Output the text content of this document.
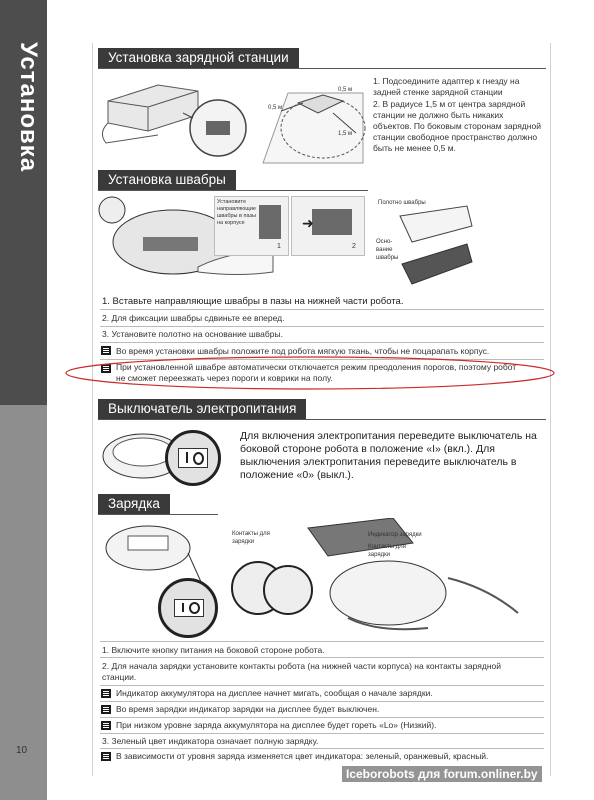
Установка
10
Установка зарядной станции
0,5 м
0,5 м
1,5 м
1. Подсоедините адаптер к гнезду на задней стенке зарядной станции
2. В радиусе 1,5 м от центра зарядной станции не должно быть никаких объектов. По боковым сторонам зарядной станции свободное пространство должно быть не менее 0,5 м.
Установка швабры
Установите направляющие швабры в пазы на корпусе
1
➜
2
Полотно швабры
Осно-вание швабры
1. Вставьте направляющие швабры в пазы на нижней части робота.
2. Для фиксации швабры сдвиньте ее вперед.
3. Установите полотно на основание швабры.
Во время установки швабры положите под робота мягкую ткань, чтобы не поцарапать корпус.
При установленной швабре автоматически отключается режим преодоления порогов, поэтому робот не сможет переезжать через пороги и коврики на полу.
Выключатель электропитания
Для включения электропитания переведите выключатель на боковой стороне робота в положение «I» (вкл.). Для выключения электропитания переведите выключатель в положение «0» (выкл.).
Зарядка
Контакты для зарядки
Индикатор зарядки
Контакты для зарядки
1. Включите кнопку питания на боковой стороне робота.
2. Для начала зарядки установите контакты робота (на нижней части корпуса) на контакты зарядной станции.
Индикатор аккумулятора на дисплее начнет мигать, сообщая о начале зарядки.
Во время зарядки индикатор зарядки на дисплее будет выключен.
При низком уровне заряда аккумулятора на дисплее будет гореть «Lo» (Низкий).
3. Зеленый цвет индикатора означает полную зарядку.
В зависимости от уровня заряда изменяется цвет индикатора: зеленый, оранжевый, красный.
Iceborobots для forum.onliner.by
